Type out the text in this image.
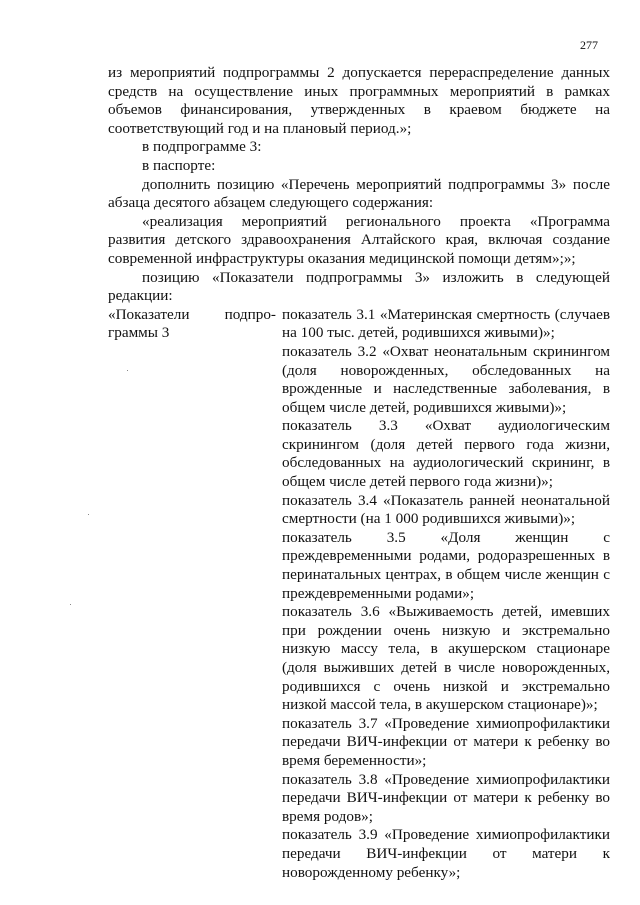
277

из мероприятий подпрограммы 2 допускается перераспределение данных средств на осуществление иных программных мероприятий в рамках объемов финансирования, утвержденных в краевом бюджете на соответствующий год и на плановый период.»;

в подпрограмме 3:

в паспорте:

дополнить позицию «Перечень мероприятий подпрограммы 3» после абзаца десятого абзацем следующего содержания:

«реализация мероприятий регионального проекта «Программа развития детского здравоохранения Алтайского края, включая создание современной инфраструктуры оказания медицинской помощи детям»;»;

позицию «Показатели подпрограммы 3» изложить в следующей редакции:

«Показатели подпро-
граммы 3

показатель 3.1 «Материнская смертность (случаев на 100 тыс. детей, родившихся живыми)»;

показатель 3.2 «Охват неонатальным скринингом (доля новорожденных, обследованных на врожденные и наследственные заболевания, в общем числе детей, родившихся живыми)»;

показатель 3.3 «Охват аудиологическим скринингом (доля детей первого года жизни, обследованных на аудиологический скрининг, в общем числе детей первого года жизни)»;

показатель 3.4 «Показатель ранней неонатальной смертности (на 1 000 родившихся живыми)»;

показатель 3.5 «Доля женщин с преждевременными родами, родоразрешенных в перинатальных центрах, в общем числе женщин с преждевременными родами»;

показатель 3.6 «Выживаемость детей, имевших при рождении очень низкую и экстремально низкую массу тела, в акушерском стационаре (доля выживших детей в числе новорожденных, родившихся с очень низкой и экстремально низкой массой тела, в акушерском стационаре)»;

показатель 3.7 «Проведение химиопрофилактики передачи ВИЧ-инфекции от матери к ребенку во время беременности»;

показатель 3.8 «Проведение химиопрофилактики передачи ВИЧ-инфекции от матери к ребенку во время родов»;

показатель 3.9 «Проведение химиопрофилактики передачи ВИЧ-инфекции от матери к новорожденному ребенку»;
